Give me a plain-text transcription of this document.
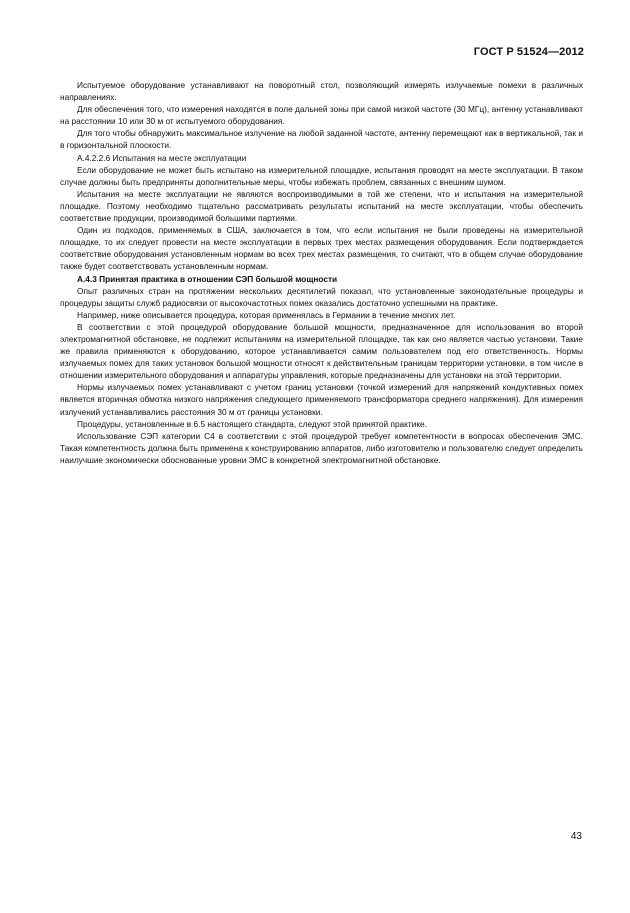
ГОСТ Р 51524—2012

Испытуемое оборудование устанавливают на поворотный стол, позволяющий измерять излучаемые помехи в различных направлениях.

Для обеспечения того, что измерения находятся в поле дальней зоны при самой низкой частоте (30 МГц), антенну устанавливают на расстоянии 10 или 30 м от испытуемого оборудования.

Для того чтобы обнаружить максимальное излучение на любой заданной частоте, антенну перемещают как в вертикальной, так и в горизонтальной плоскости.

А.4.2.2.6 Испытания на месте эксплуатации

Если оборудование не может быть испытано на измерительной площадке, испытания проводят на месте эксплуатации. В таком случае должны быть предприняты дополнительные меры, чтобы избежать проблем, связанных с внешним шумом.

Испытания на месте эксплуатации не являются воспроизводимыми в той же степени, что и испытания на измерительной площадке. Поэтому необходимо тщательно рассматривать результаты испытаний на месте эксплуатации, чтобы обеспечить соответствие продукции, производимой большими партиями.

Один из подходов, применяемых в США, заключается в том, что если испытания не были проведены на измерительной площадке, то их следует провести на месте эксплуатации в первых трех местах размещения оборудования. Если подтверждается соответствие оборудования установленным нормам во всех трех местах размещения, то считают, что в общем случае оборудование также будет соответствовать установленным нормам.

А.4.3 Принятая практика в отношении СЭП большой мощности

Опыт различных стран на протяжении нескольких десятилетий показал, что установленные законодательные процедуры и процедуры защиты служб радиосвязи от высокочастотных помех оказались достаточно успешными на практике.

Например, ниже описывается процедура, которая применялась в Германии в течение многих лет.

В соответствии с этой процедурой оборудование большой мощности, предназначенное для использования во второй электромагнитной обстановке, не подлежит испытаниям на измерительной площадке, так как оно является частью установки. Такие же правила применяются к оборудованию, которое устанавливается самим пользователем под его ответственность. Нормы излучаемых помех для таких установок большой мощности относят к действительным границам территории установки, в том числе в отношении измерительного оборудования и аппаратуры управления, которые предназначены для установки на этой территории.

Нормы излучаемых помех устанавливают с учетом границ установки (точкой измерений для напряжений кондуктивных помех является вторичная обмотка низкого напряжения следующего применяемого трансформатора среднего напряжения). Для измерения излучений устанавливались расстояния 30 м от границы установки.

Процедуры, установленные в 6.5 настоящего стандарта, следуют этой принятой практике.

Использование СЭП категории С4 в соответствии с этой процедурой требует компетентности в вопросах обеспечения ЭМС. Такая компетентность должна быть применена к конструированию аппаратов, либо изготовителю и пользователю следует определить наилучшие экономически обоснованные уровни ЭМС в конкретной электромагнитной обстановке.

43
